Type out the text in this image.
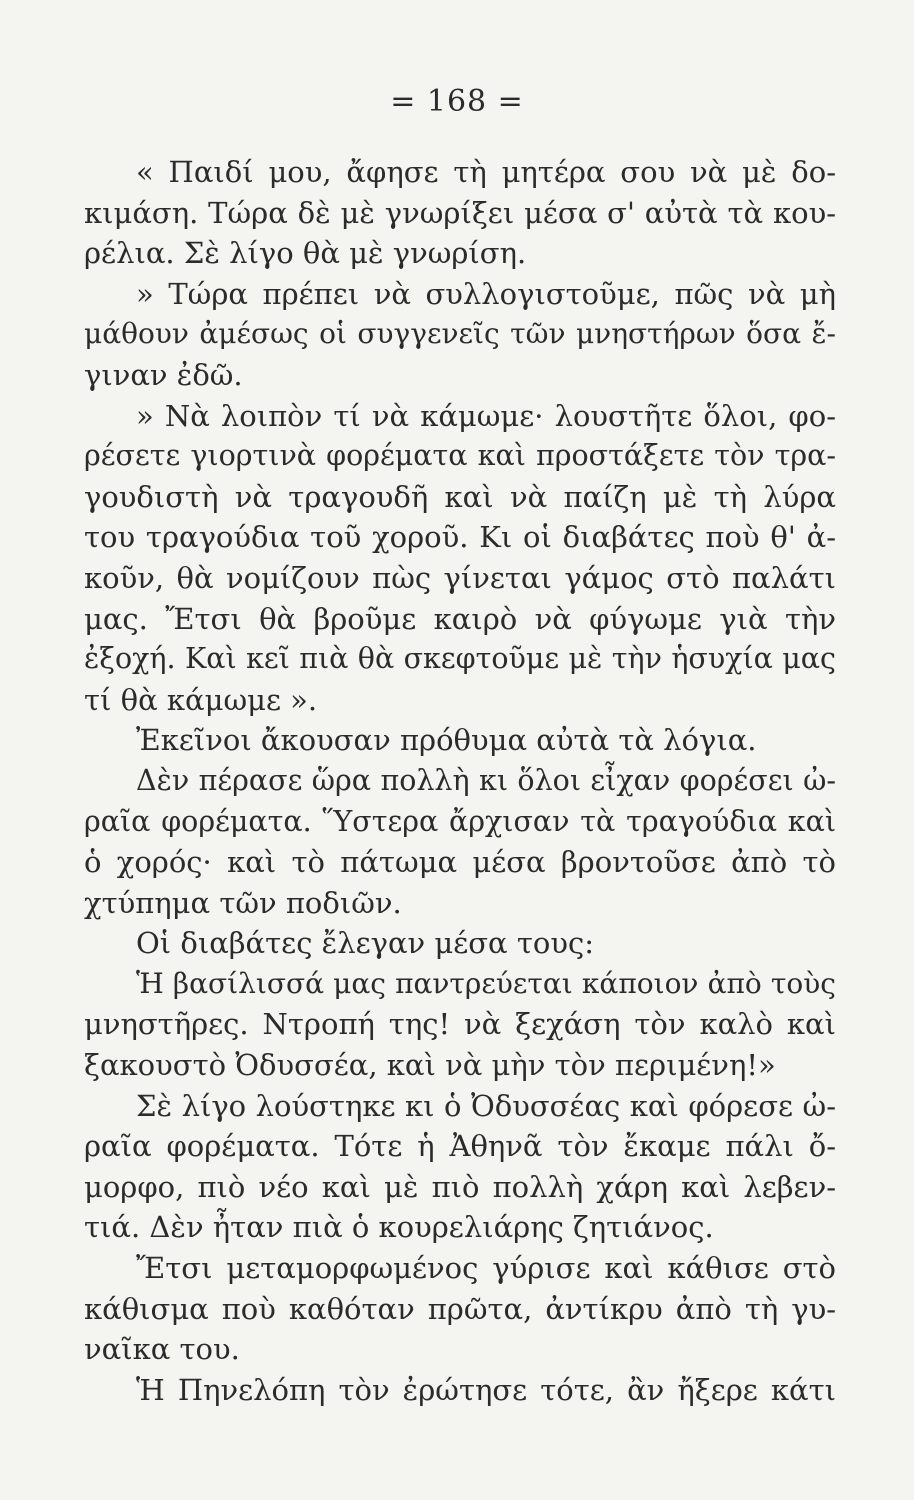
= 168 =
« Παιδί μου, ἄφησε τὴ μητέρα σου νὰ μὲ δο-
κιμάση. Τώρα δὲ μὲ γνωρίξει μέσα σ' αὐτὰ τὰ κου-
ρέλια. Σὲ λίγο θὰ μὲ γνωρίση.
» Τώρα πρέπει νὰ συλλογιστοῦμε, πῶς νὰ μὴ
μάθουν ἀμέσως οἱ συγγενεῖς τῶν μνηστήρων ὅσα ἔ-
γιναν ἐδῶ.
» Νὰ λοιπὸν τί νὰ κάμωμε· λουστῆτε ὅλοι, φο-
ρέσετε γιορτινὰ φορέματα καὶ προστάξετε τὸν τρα-
γουδιστὴ νὰ τραγουδῆ καὶ νὰ παίζη μὲ τὴ λύρα
του τραγούδια τοῦ χοροῦ. Κι οἱ διαβάτες ποὺ θ' ἀ-
κοῦν, θὰ νομίζουν πὼς γίνεται γάμος στὸ παλάτι
μας. Ἔτσι θὰ βροῦμε καιρὸ νὰ φύγωμε γιὰ τὴν
ἐξοχή. Καὶ κεῖ πιὰ θὰ σκεφτοῦμε μὲ τὴν ἡσυχία μας
τί θὰ κάμωμε ».
Ἐκεῖνοι ἄκουσαν πρόθυμα αὐτὰ τὰ λόγια.
Δὲν πέρασε ὥρα πολλὴ κι ὅλοι εἶχαν φορέσει ὠ-
ραῖα φορέματα. Ὕστερα ἄρχισαν τὰ τραγούδια καὶ
ὁ χορός· καὶ τὸ πάτωμα μέσα βροντοῦσε ἀπὸ τὸ
χτύπημα τῶν ποδιῶν.
Οἱ διαβάτες ἔλεγαν μέσα τους:
Ἡ βασίλισσά μας παντρεύεται κάποιον ἀπὸ τοὺς
μνηστῆρες. Ντροπή της! νὰ ξεχάση τὸν καλὸ καὶ
ξακουστὸ Ὀδυσσέα, καὶ νὰ μὴν τὸν περιμένη!»
Σὲ λίγο λούστηκε κι ὁ Ὀδυσσέας καὶ φόρεσε ὠ-
ραῖα φορέματα. Τότε ἡ Ἀθηνᾶ τὸν ἔκαμε πάλι ὄ-
μορφο, πιὸ νέο καὶ μὲ πιὸ πολλὴ χάρη καὶ λεβεν-
τιά. Δὲν ἦταν πιὰ ὁ κουρελιάρης ζητιάνος.
Ἔτσι μεταμορφωμένος γύρισε καὶ κάθισε στὸ
κάθισμα ποὺ καθόταν πρῶτα, ἀντίκρυ ἀπὸ τὴ γυ-
ναῖκα του.
Ἡ Πηνελόπη τὸν ἐρώτησε τότε, ἂν ἤξερε κάτι
